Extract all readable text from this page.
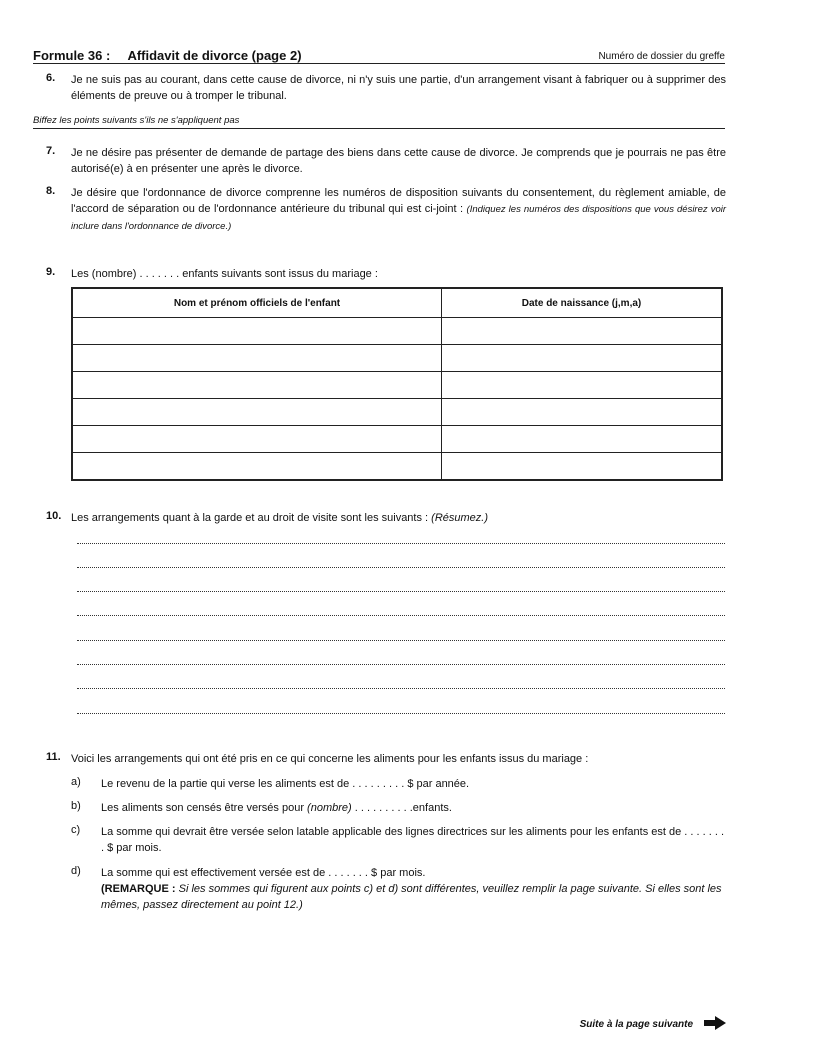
Formule 36 : Affidavit de divorce (page 2)	Numéro de dossier du greffe
6. Je ne suis pas au courant, dans cette cause de divorce, ni n'y suis une partie, d'un arrangement visant à fabriquer ou à supprimer des éléments de preuve ou à tromper le tribunal.
Biffez les points suivants s'ils ne s'appliquent pas
7. Je ne désire pas présenter de demande de partage des biens dans cette cause de divorce. Je comprends que je pourrais ne pas être autorisé(e) à en présenter une après le divorce.
8. Je désire que l'ordonnance de divorce comprenne les numéros de disposition suivants du consentement, du règlement amiable, de l'accord de séparation ou de l'ordonnance antérieure du tribunal qui est ci-joint : (Indiquez les numéros des dispositions que vous désirez voir inclure dans l'ordonnance de divorce.)
9. Les (nombre) . . . . . . . enfants suivants sont issus du mariage :
Nom et prénom officiels de l'enfant	Date de naissance (j,m,a)

10. Les arrangements quant à la garde et au droit de visite sont les suivants : (Résumez.)
11. Voici les arrangements qui ont été pris en ce qui concerne les aliments pour les enfants issus du mariage :
a) Le revenu de la partie qui verse les aliments est de . . . . . . . . . $ par année.
b) Les aliments son censés être versés pour (nombre) . . . . . . . . . .enfants.
c) La somme qui devrait être versée selon latable applicable des lignes directrices sur les aliments pour les enfants est de . . . . . . . . $ par mois.
d) La somme qui est effectivement versée est de . . . . . . . $ par mois.
(REMARQUE : Si les sommes qui figurent aux points c) et d) sont différentes, veuillez remplir la page suivante. Si elles sont les mêmes, passez directement au point 12.)
Suite à la page suivante
